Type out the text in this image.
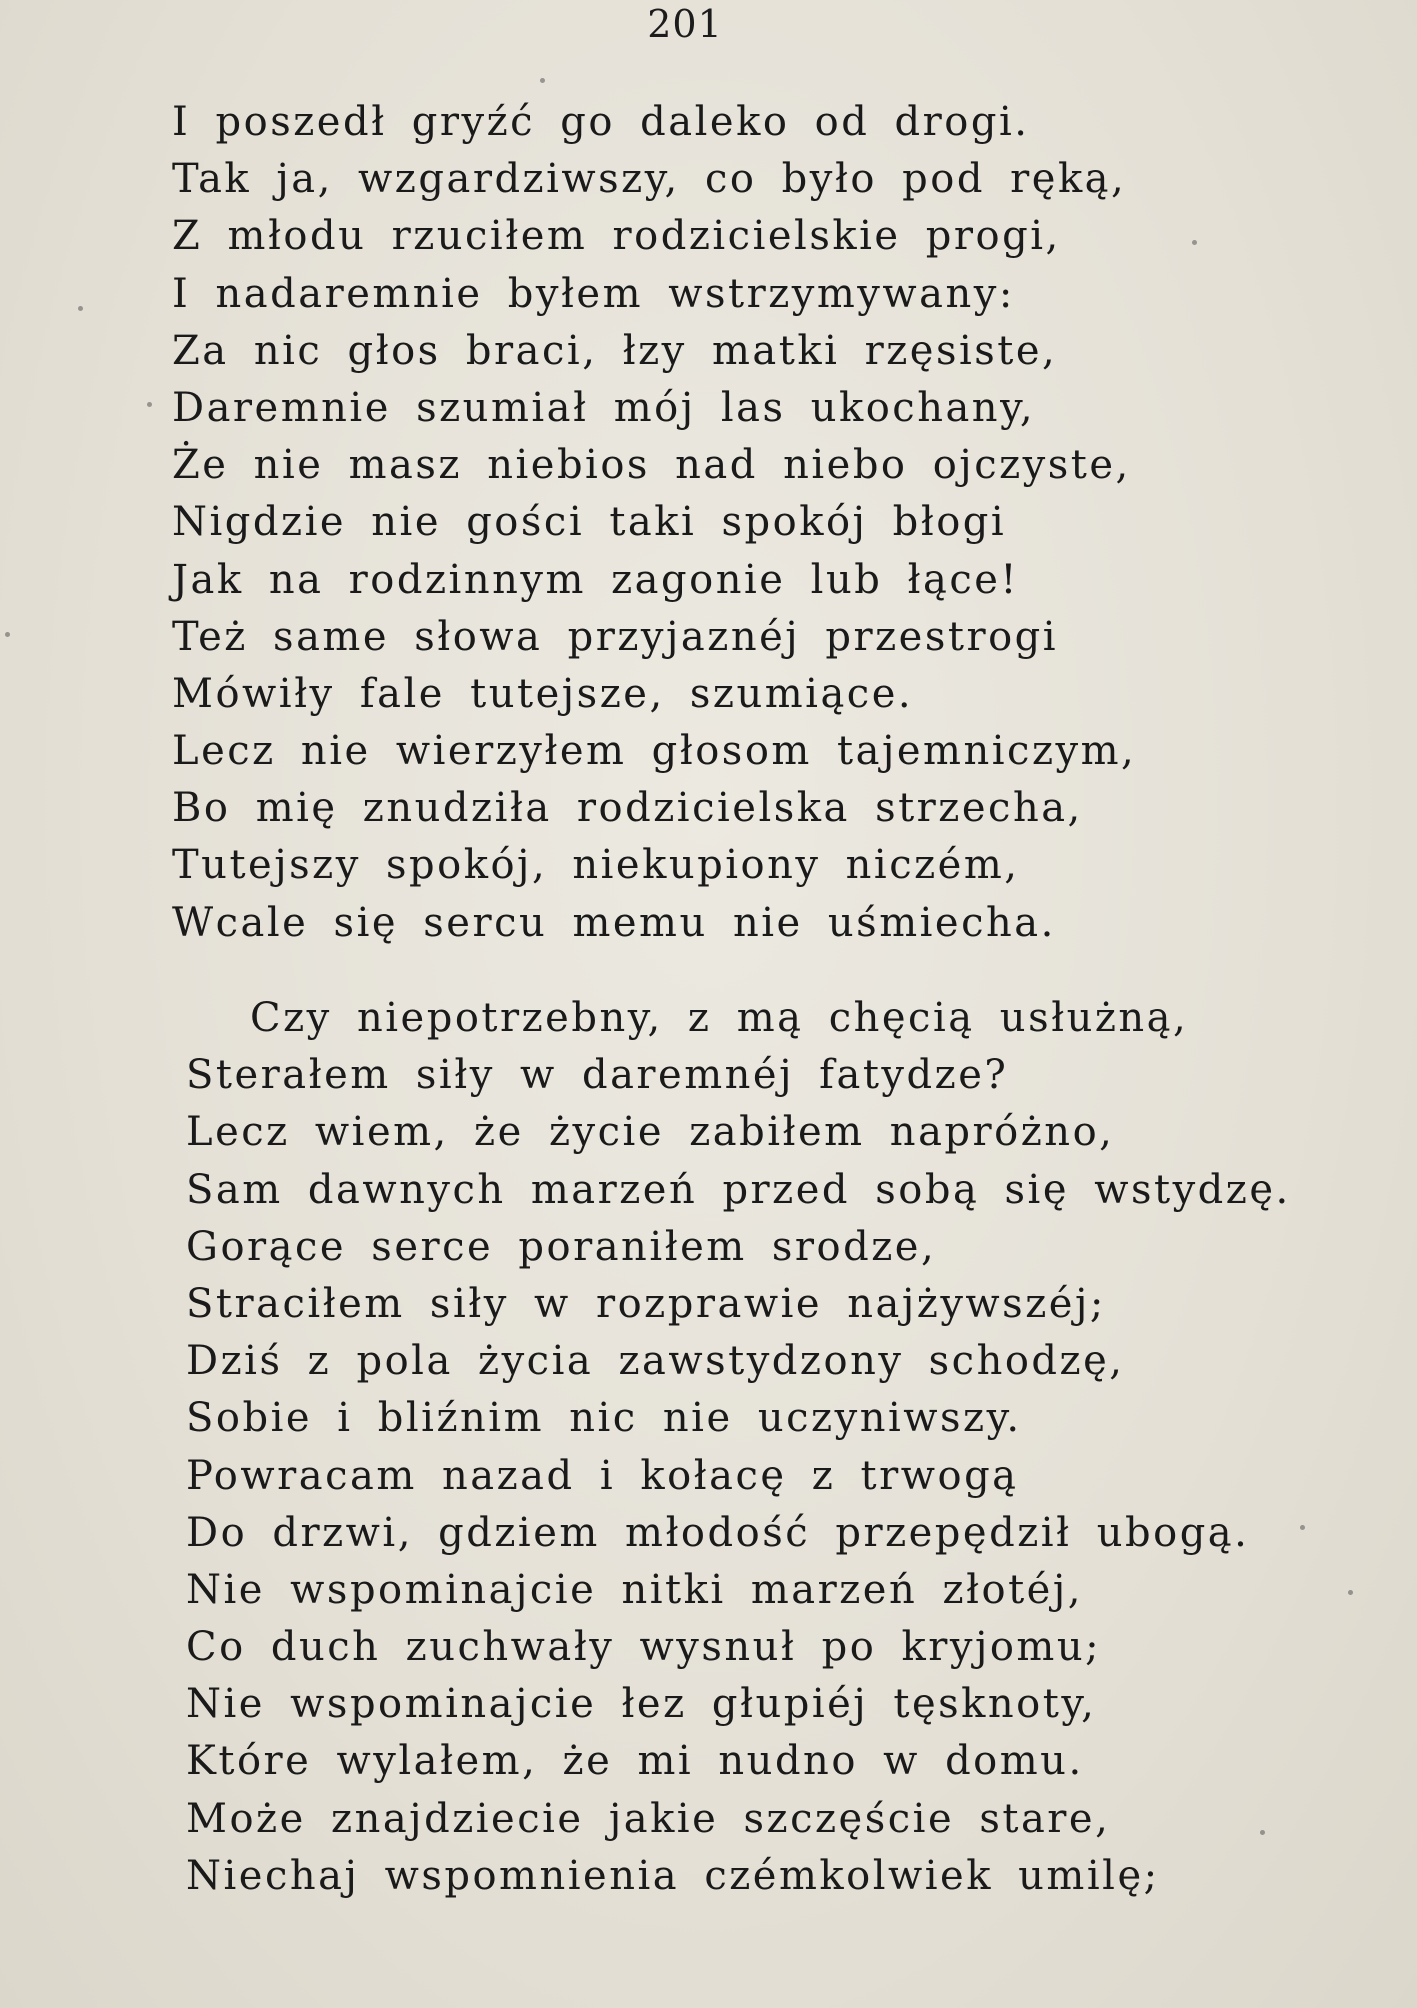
201
I poszedł gryźć go daleko od drogi.
Tak ja, wzgardziwszy, co było pod ręką,
Z młodu rzuciłem rodzicielskie progi,
I nadaremnie byłem wstrzymywany:
Za nic głos braci, łzy matki rzęsiste,
Daremnie szumiał mój las ukochany,
Że nie masz niebios nad niebo ojczyste,
Nigdzie nie gości taki spokój błogi
Jak na rodzinnym zagonie lub łące!
Też same słowa przyjaznéj przestrogi
Mówiły fale tutejsze, szumiące.
Lecz nie wierzyłem głosom tajemniczym,
Bo mię znudziła rodzicielska strzecha,
Tutejszy spokój, niekupiony niczém,
Wcale się sercu memu nie uśmiecha.
Czy niepotrzebny, z mą chęcią usłużną,
Sterałem siły w daremnéj fatydze?
Lecz wiem, że życie zabiłem napróżno,
Sam dawnych marzeń przed sobą się wstydzę.
Gorące serce poraniłem srodze,
Straciłem siły w rozprawie najżywszéj;
Dziś z pola życia zawstydzony schodzę,
Sobie i bliźnim nic nie uczyniwszy.
Powracam nazad i kołacę z trwogą
Do drzwi, gdziem młodość przepędził ubogą.
Nie wspominajcie nitki marzeń złotéj,
Co duch zuchwały wysnuł po kryjomu;
Nie wspominajcie łez głupiéj tęsknoty,
Które wylałem, że mi nudno w domu.
Może znajdziecie jakie szczęście stare,
Niechaj wspomnienia czémkolwiek umilę;
